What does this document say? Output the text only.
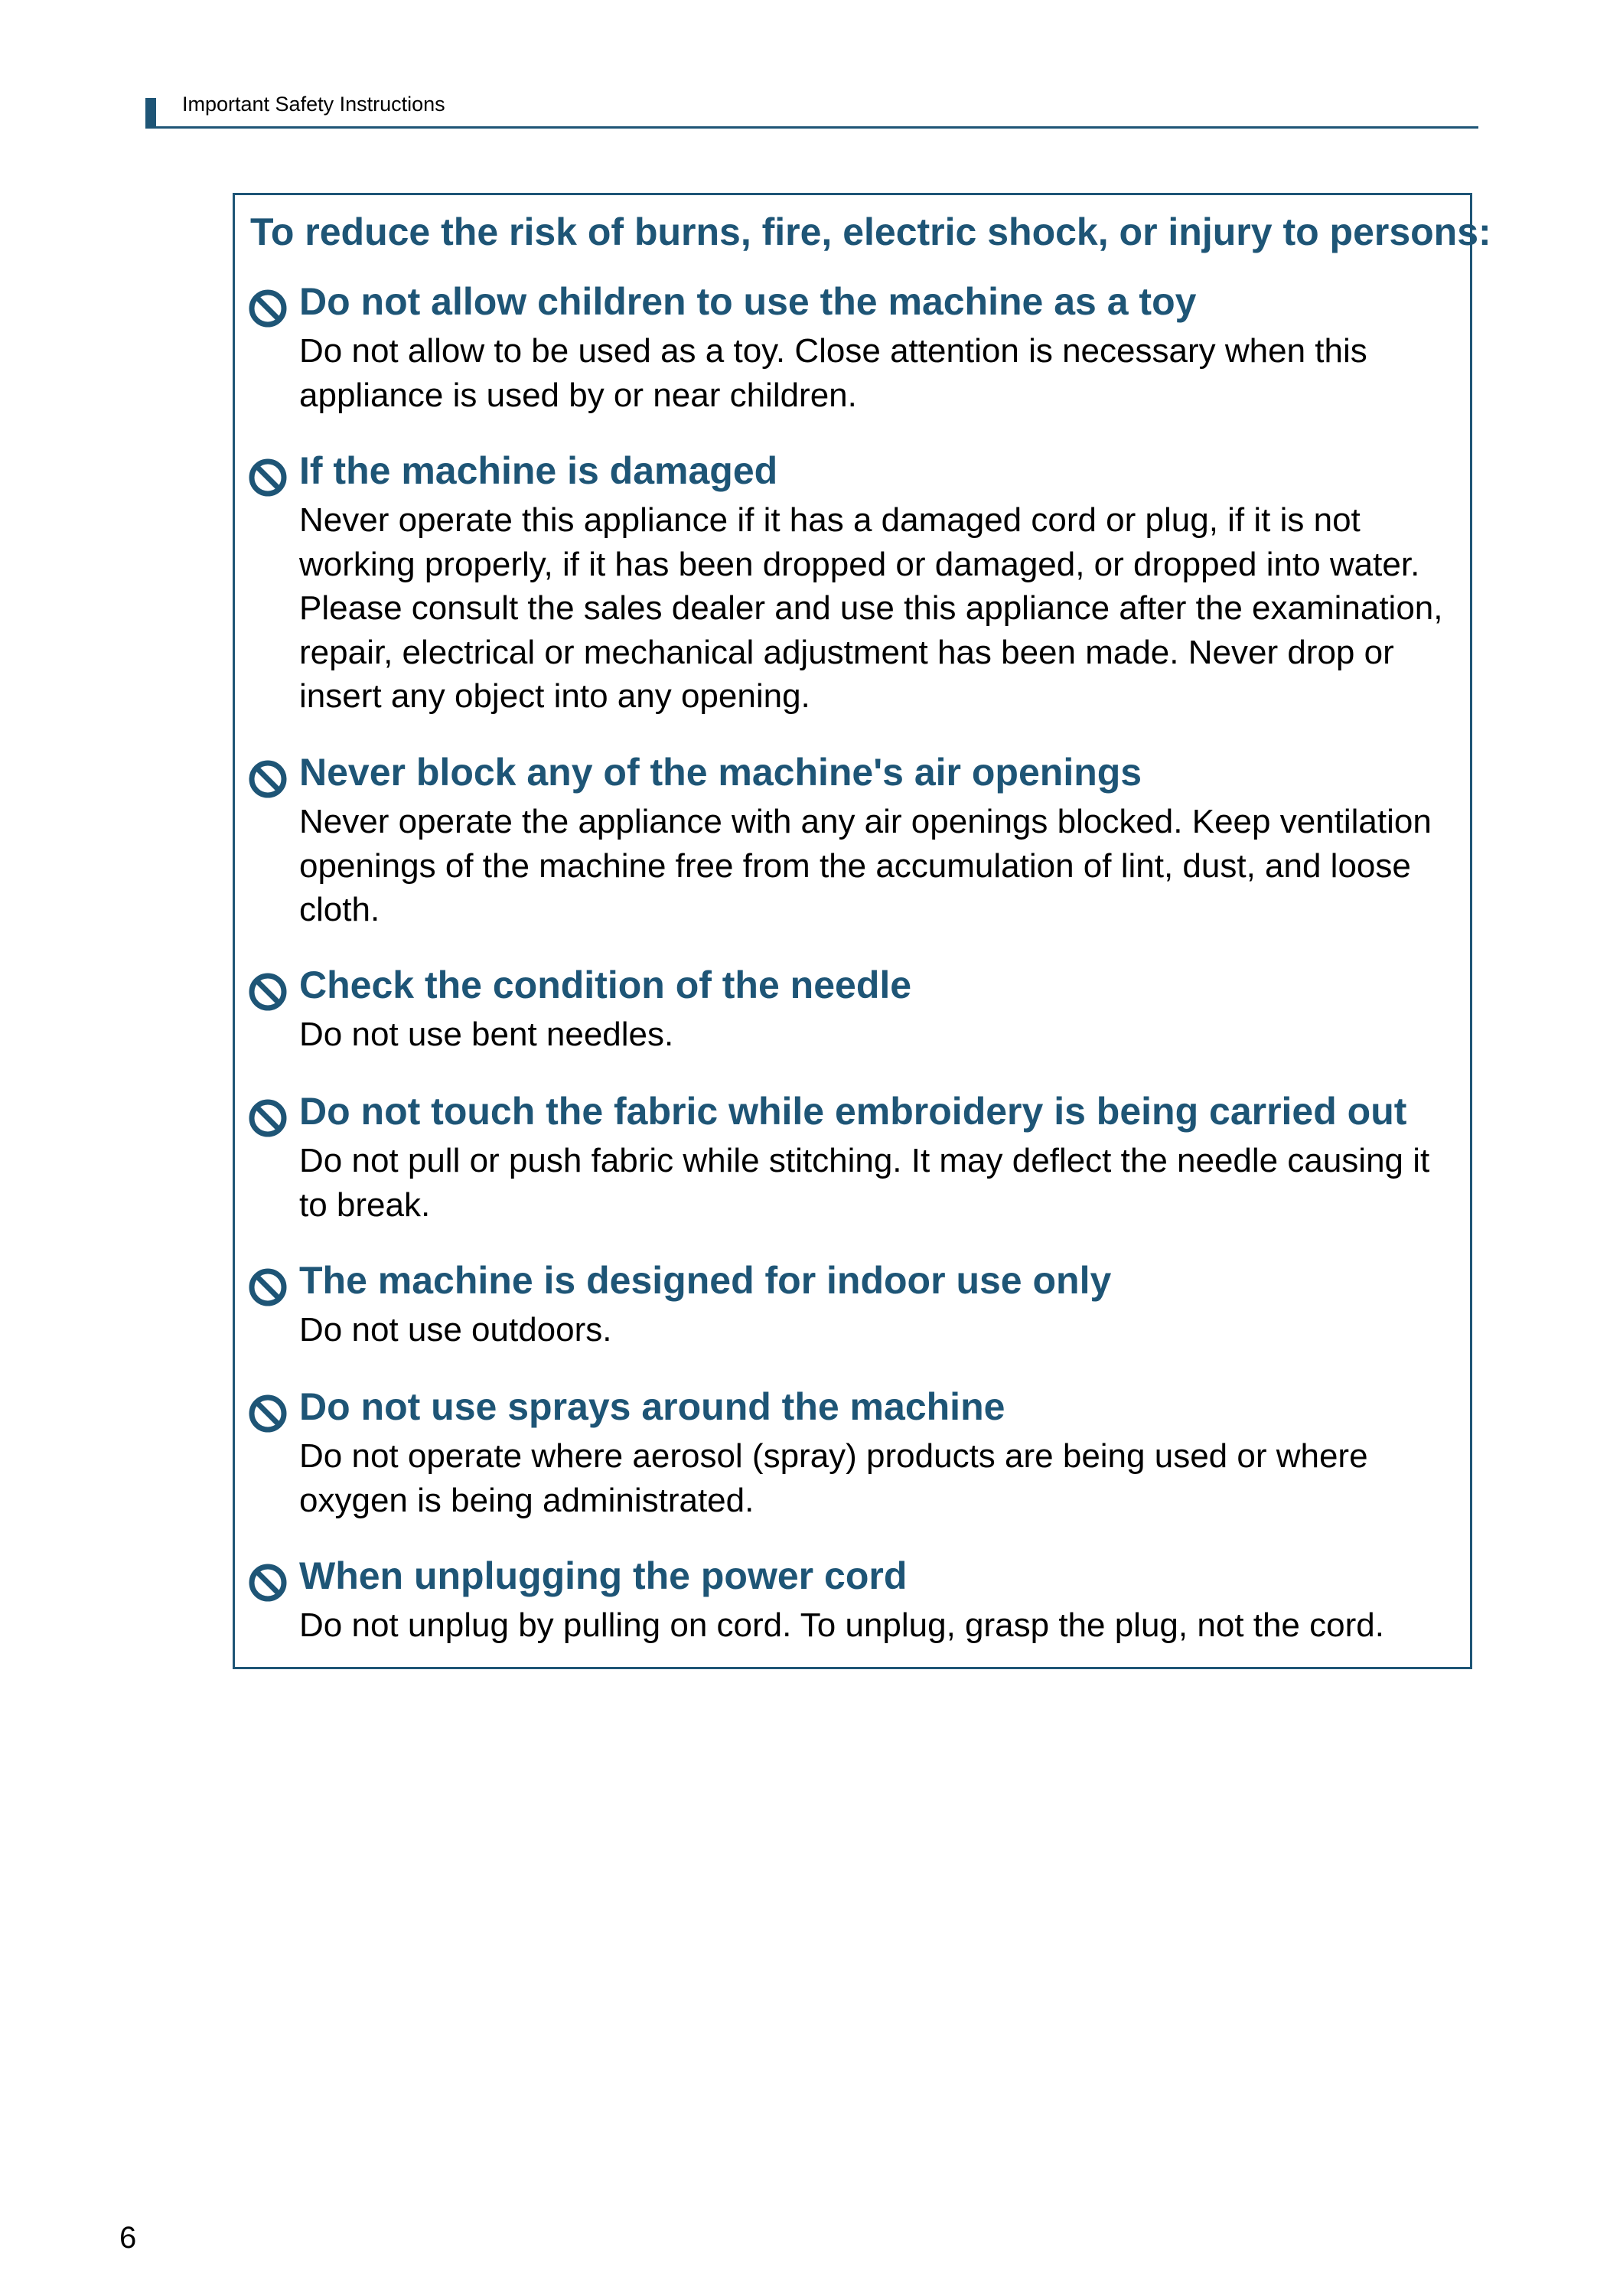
Important Safety Instructions
To reduce the risk of burns, fire, electric shock, or injury to persons:
Do not allow children to use the machine as a toy

Do not allow to be used as a toy. Close attention is necessary when this appliance is used by or near children.

If the machine is damaged

Never operate this appliance if it has a damaged cord or plug, if it is not working properly, if it has been dropped or damaged, or dropped into water. Please consult the sales dealer and use this appliance after the examination, repair, electrical or mechanical adjustment has been made. Never drop or insert any object into any opening.

Never block any of the machine's air openings

Never operate the appliance with any air openings blocked. Keep ventilation openings of the machine free from the accumulation of lint, dust, and loose cloth.

Check the condition of the needle

Do not use bent needles.

Do not touch the fabric while embroidery is being carried out

Do not pull or push fabric while stitching. It may deflect the needle causing it to break.

The machine is designed for indoor use only

Do not use outdoors.

Do not use sprays around the machine

Do not operate where aerosol (spray) products are being used or where oxygen is being administrated.

When unplugging the power cord

Do not unplug by pulling on cord. To unplug, grasp the plug, not the cord.

6
